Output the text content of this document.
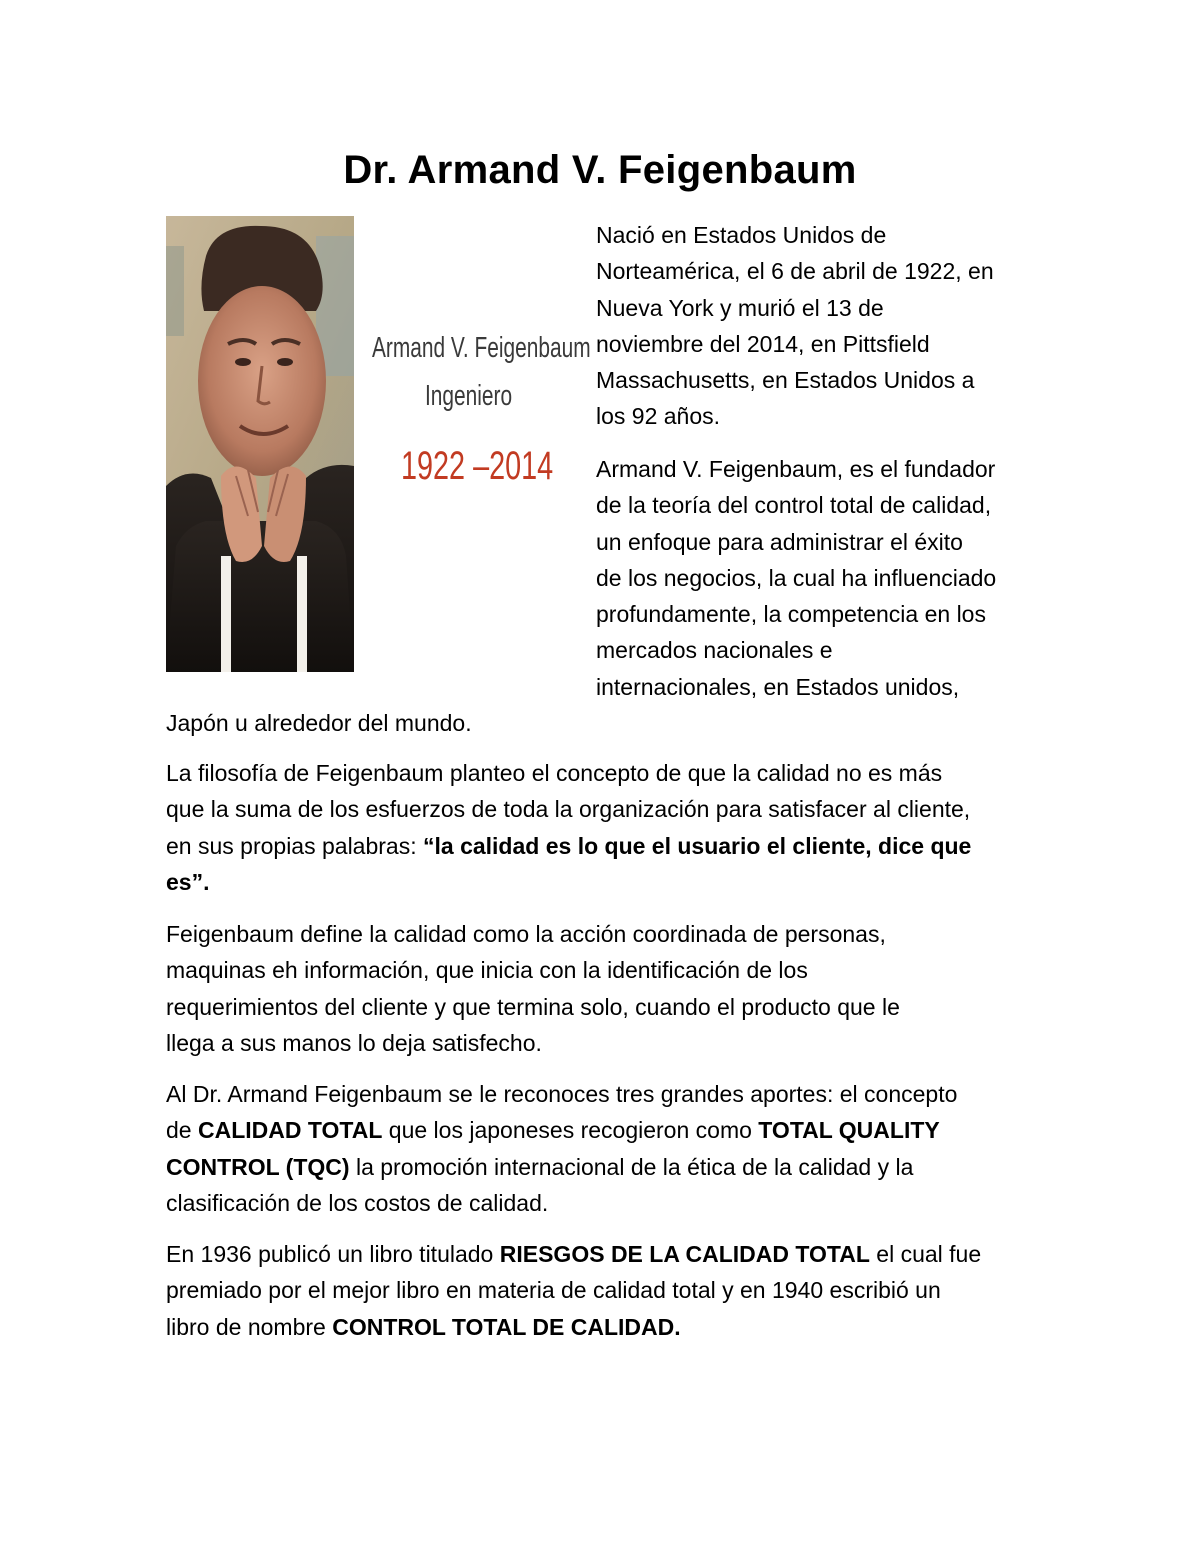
Dr. Armand V. Feigenbaum
Armand V. Feigenbaum
Ingeniero
1922 –2014

Nació en Estados Unidos de
Norteamérica, el 6 de abril de 1922, en
Nueva York y murió el 13 de
noviembre del 2014, en Pittsfield
Massachusetts, en Estados Unidos a
los 92 años.

Armand V. Feigenbaum, es el fundador
de la teoría del control total de calidad,
un enfoque para administrar el éxito
de los negocios, la cual ha influenciado
profundamente, la competencia en los
mercados nacionales e
internacionales, en Estados unidos,

Japón u alrededor del mundo.

La filosofía de Feigenbaum planteo el concepto de que la calidad no es más
que la suma de los esfuerzos de toda la organización para satisfacer al cliente,
en sus propias palabras: “la calidad es lo que el usuario el cliente, dice que
es”.

Feigenbaum define la calidad como la acción coordinada de personas,
maquinas eh información, que inicia con la identificación de los
requerimientos del cliente y que termina solo, cuando el producto que le
llega a sus manos lo deja satisfecho.

Al Dr. Armand Feigenbaum se le reconoces tres grandes aportes: el concepto
de CALIDAD TOTAL que los japoneses recogieron como TOTAL QUALITY
CONTROL (TQC) la promoción internacional de la ética de la calidad y la
clasificación de los costos de calidad.

En 1936 publicó un libro titulado RIESGOS DE LA CALIDAD TOTAL el cual fue
premiado por el mejor libro en materia de calidad total y en 1940 escribió un
libro de nombre CONTROL TOTAL DE CALIDAD.
